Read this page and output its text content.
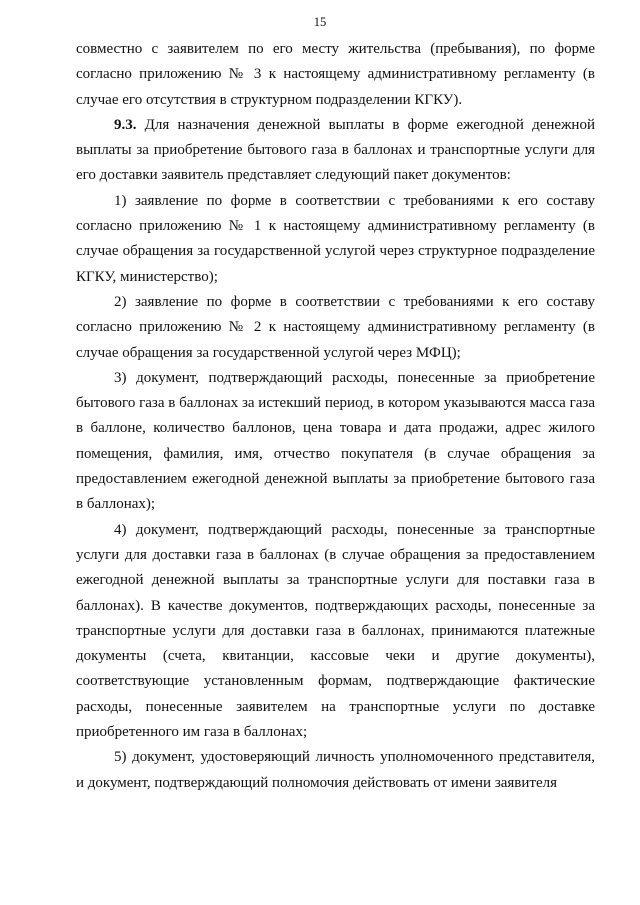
15

совместно с заявителем по его месту жительства (пребывания), по форме согласно приложению № 3 к настоящему административному регламенту (в случае его отсутствия в структурном подразделении КГКУ).

9.3. Для назначения денежной выплаты в форме ежегодной денежной выплаты за приобретение бытового газа в баллонах и транспортные услуги для его доставки заявитель представляет следующий пакет документов:

1) заявление по форме в соответствии с требованиями к его составу согласно приложению № 1 к настоящему административному регламенту (в случае обращения за государственной услугой через структурное подразделение КГКУ, министерство);

2) заявление по форме в соответствии с требованиями к его составу согласно приложению № 2 к настоящему административному регламенту (в случае обращения за государственной услугой через МФЦ);

3) документ, подтверждающий расходы, понесенные за приобретение бытового газа в баллонах за истекший период, в котором указываются масса газа в баллоне, количество баллонов, цена товара и дата продажи, адрес жилого помещения, фамилия, имя, отчество покупателя (в случае обращения за предоставлением ежегодной денежной выплаты за приобретение бытового газа в баллонах);

4) документ, подтверждающий расходы, понесенные за транспортные услуги для доставки газа в баллонах (в случае обращения за предоставлением ежегодной денежной выплаты за транспортные услуги для поставки газа в баллонах). В качестве документов, подтверждающих расходы, понесенные за транспортные услуги для доставки газа в баллонах, принимаются платежные документы (счета, квитанции, кассовые чеки и другие документы), соответствующие установленным формам, подтверждающие фактические расходы, понесенные заявителем на транспортные услуги по доставке приобретенного им газа в баллонах;

5) документ, удостоверяющий личность уполномоченного представителя, и документ, подтверждающий полномочия действовать от имени заявителя
